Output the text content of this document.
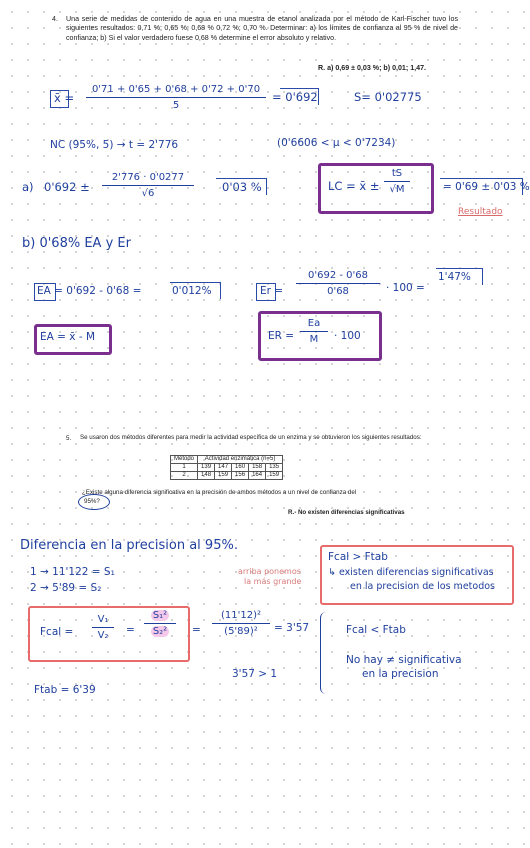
4. Una serie de medidas de contenido de agua en una muestra de etanol analizada por el método de Karl-Fischer tuvo los siguientes resultados: 0,71 %; 0,65 %; 0,68 % 0,72 %; 0,70 %. Determinar: a) los límites de confianza al 95 % de nivel de confianza; b) Si el valor verdadero fuese 0,68 % determine el error absoluto y relativo.
R. a) 0,69 ± 0,03 %; b) 0,01; 1,47.
x̄ =
0'71 + 0'65 + 0'68 + 0'72 + 0'70
5
= 0'692	S= 0'02775
NC (95%, 5) → t = 2'776	(0'6606 < μ < 0'7234)
a) 0'692 ±
2'776 · 0'0277
√6	0'03 %	LC = x̄ ±
tS
√M	= 0'69 ± 0'03 %
Resultado
b) 0'68% EA y Er
EA = 0'692 - 0'68 =	0'012%	Er =
0'692 - 0'68
0'68	· 100 =
1'47%
EA = x̄ - M	ER =
Ea
M · 100
5. Se usaron dos métodos diferentes para medir la actividad específica de un enzima y se obtuvieron los siguientes resultados:
Método	Actividad enzimática (n=5)				
1	139	147	160	158	135
2	148	159	156	164	159
¿Existe alguna diferencia significativa en la precisión de ambos métodos a un nivel de confianza del
95%?
R.- No existen diferencias significativas
Diferencia en la precision al 95%.
1 → 11'122 = S₁
2 → 5'89 = S₂
arriba ponemos
la más grande
Fcal =
V₁
V₂ =
S₁²
S₂² =
(11'12)²
(5'89)² = 3'57
3'57 > 1
Ftab = 6'39
Fcal > Ftab
↳ existen diferencias significativas
en la precision de los metodos
Fcal < Ftab
No hay ≠ significativa
en la precision
